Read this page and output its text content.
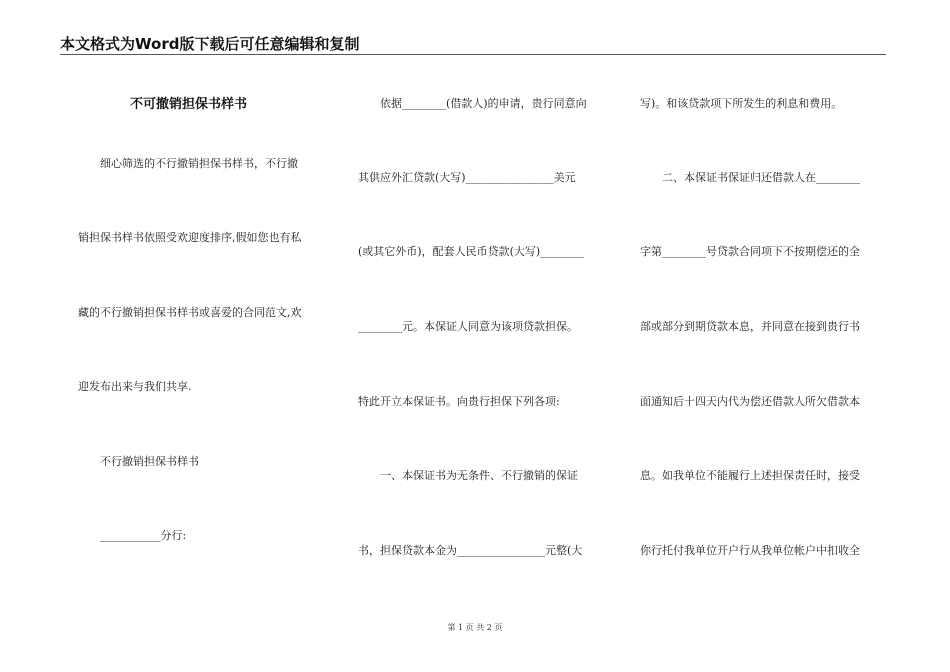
本文格式为Word版下载后可任意编辑和复制
不可撤销担保书样书
细心筛选的不行撤销担保书样书，不行撤
销担保书样书依照受欢迎度排序,假如您也有私
藏的不行撤销担保书样书或喜爱的合同范文,欢
迎发布出来与我们共享.
不行撤销担保书样书
___________分行:
依据________(借款人)的申请，贵行同意向
其供应外汇贷款(大写)________________美元
(或其它外币)，配套人民币贷款(大写)________
________元。本保证人同意为该项贷款担保。
特此开立本保证书。向贵行担保下列各项:
一、本保证书为无条件、不行撤销的保证
书，担保贷款本金为________________元整(大
写)。和该贷款项下所发生的利息和费用。
二、本保证书保证归还借款人在________
字第________号贷款合同项下不按期偿还的全
部或部分到期贷款本息，并同意在接到贵行书
面通知后十四天内代为偿还借款人所欠借款本
息。如我单位不能履行上述担保责任时，接受
你行托付我单位开户行从我单位帐户中扣收全
第 1 页 共 2 页
